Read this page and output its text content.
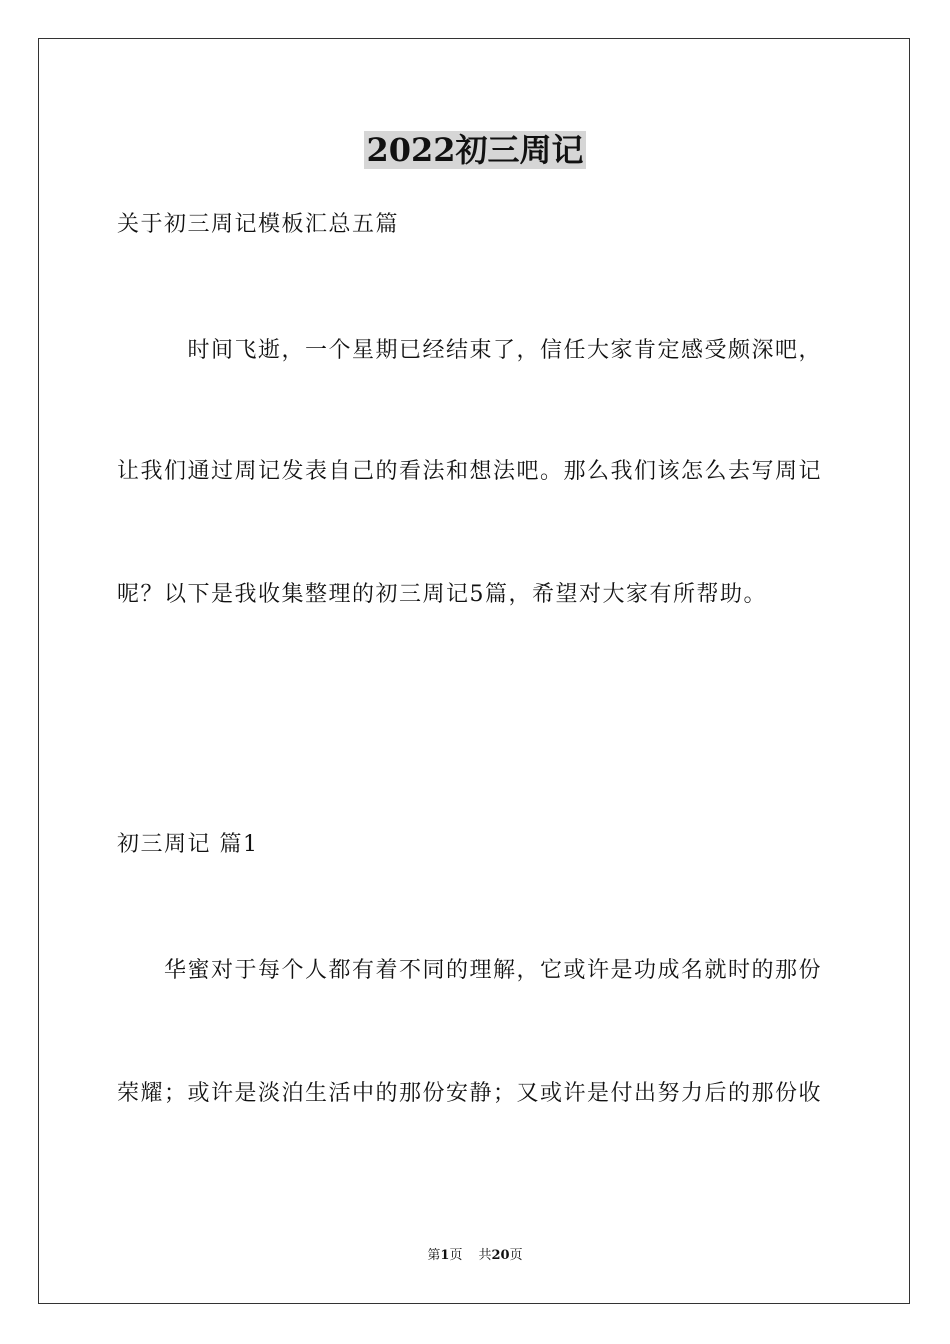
2022初三周记
关于初三周记模板汇总五篇
　　　时间飞逝，一个星期已经结束了，信任大家肯定感受颇深吧，
让我们通过周记发表自己的看法和想法吧。那么我们该怎么去写周记
呢？以下是我收集整理的初三周记5篇，希望对大家有所帮助。
初三周记 篇1
　　华蜜对于每个人都有着不同的理解，它或许是功成名就时的那份
荣耀；或许是淡泊生活中的那份安静；又或许是付出努力后的那份收
第1页 共20页
